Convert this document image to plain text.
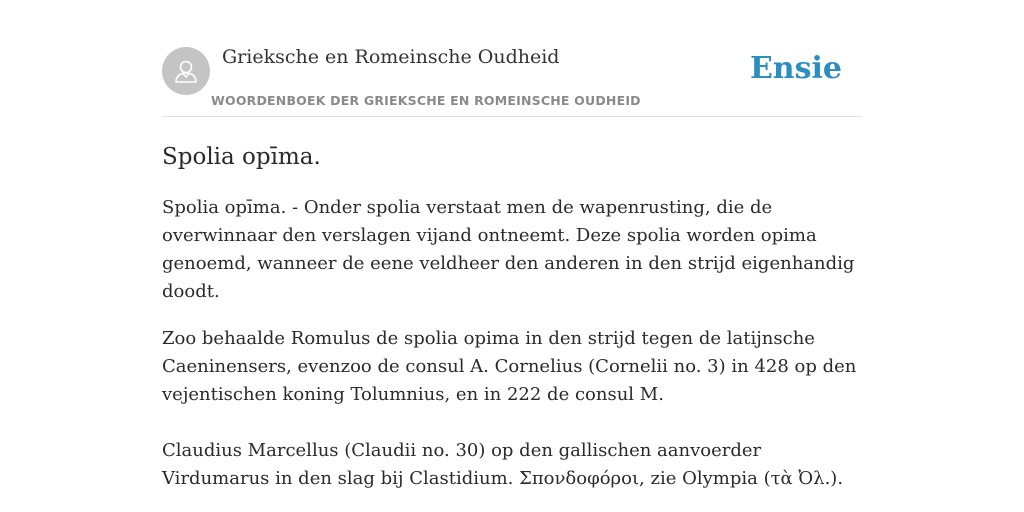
Grieksche en Romeinsche Oudheid
WOORDENBOEK DER GRIEKSCHE EN ROMEINSCHE OUDHEID
Ensie
Spolia opīma.

Spolia opīma. - Onder spolia verstaat men de wapenrusting, die de overwinnaar den verslagen vijand ontneemt. Deze spolia worden opima genoemd, wanneer de eene veldheer den anderen in den strijd eigenhandig doodt.

Zoo behaalde Romulus de spolia opima in den strijd tegen de latijnsche Caeninensers, evenzoo de consul A. Cornelius (Cornelii no. 3) in 428 op den vejentischen koning Tolumnius, en in 222 de consul M.

Claudius Marcellus (Claudii no. 30) op den gallischen aanvoerder Virdumarus in den slag bij Clastidium. Σπονδοφόροι, zie Olympia (τὰ Ὀλ.).
